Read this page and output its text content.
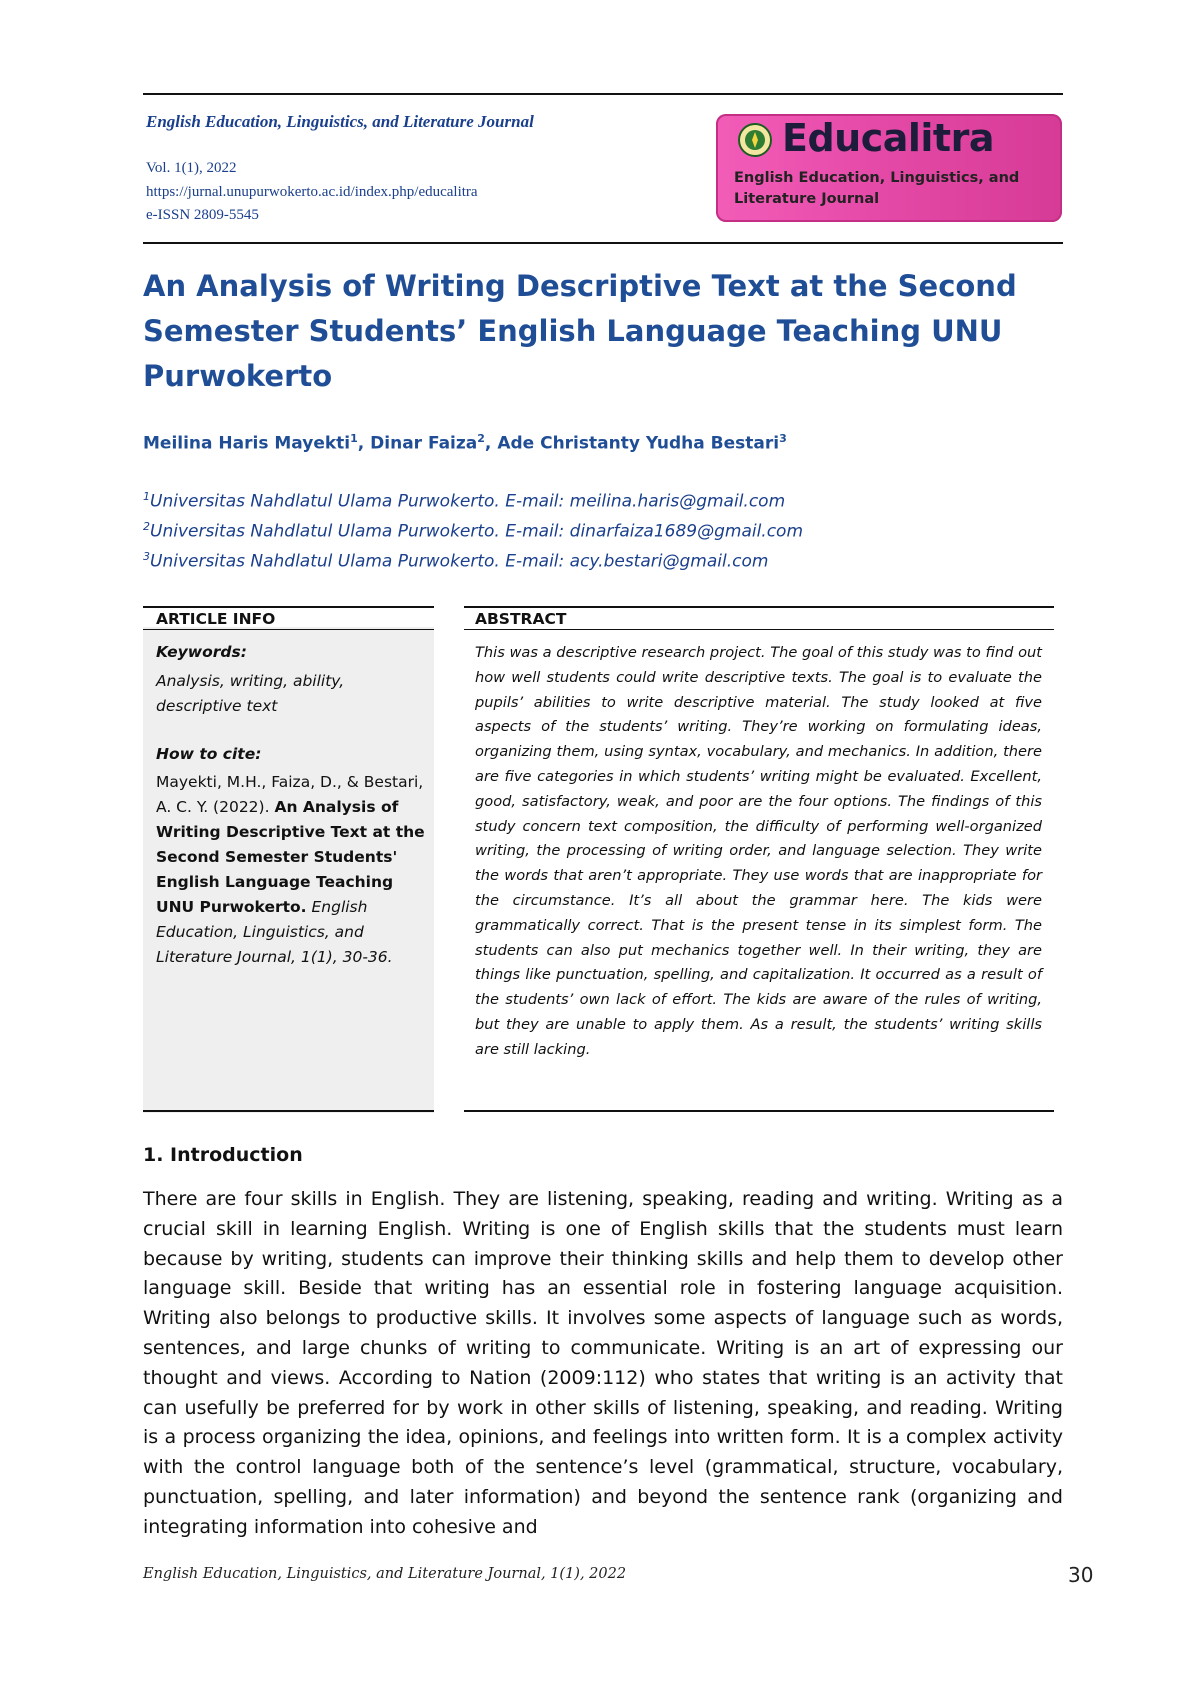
English Education, Linguistics, and Literature Journal
Vol. 1(1), 2022
https://jurnal.unupurwokerto.ac.id/index.php/educalitra
e-ISSN 2809-5545
Educalitra
English Education, Linguistics, and Literature Journal
An Analysis of Writing Descriptive Text at the Second Semester Students’ English Language Teaching UNU Purwokerto
Meilina Haris Mayekti$^1$, Dinar Faiza$^2$, Ade Christanty Yudha Bestari$^3$
$^1$Universitas Nahdlatul Ulama Purwokerto. E-mail: meilina.haris@gmail.com
$^2$Universitas Nahdlatul Ulama Purwokerto. E-mail: dinarfaiza1689@gmail.com
$^3$Universitas Nahdlatul Ulama Purwokerto. E-mail: acy.bestari@gmail.com
ARTICLE INFO
Keywords:
Analysis, writing, ability, descriptive text
How to cite:
Mayekti, M.H., Faiza, D., & Bestari, A. C. Y. (2022). An Analysis of Writing Descriptive Text at the Second Semester Students' English Language Teaching UNU Purwokerto. English Education, Linguistics, and Literature Journal, 1(1), 30-36.
ABSTRACT

This was a descriptive research project. The goal of this study was to find out how well students could write descriptive texts. The goal is to evaluate the pupils’ abilities to write descriptive material. The study looked at five aspects of the students’ writing. They’re working on formulating ideas, organizing them, using syntax, vocabulary, and mechanics. In addition, there are five categories in which students’ writing might be evaluated. Excellent, good, satisfactory, weak, and poor are the four options. The findings of this study concern text composition, the difficulty of performing well-organized writing, the processing of writing order, and language selection. They write the words that aren’t appropriate. They use words that are inappropriate for the circumstance. It’s all about the grammar here. The kids were grammatically correct. That is the present tense in its simplest form. The students can also put mechanics together well. In their writing, they are things like punctuation, spelling, and capitalization. It occurred as a result of the students’ own lack of effort. The kids are aware of the rules of writing, but they are unable to apply them. As a result, the students’ writing skills are still lacking.

1. Introduction

There are four skills in English. They are listening, speaking, reading and writing. Writing as a crucial skill in learning English. Writing is one of English skills that the students must learn because by writing, students can improve their thinking skills and help them to develop other language skill. Beside that writing has an essential role in fostering language acquisition. Writing also belongs to productive skills. It involves some aspects of language such as words, sentences, and large chunks of writing to communicate. Writing is an art of expressing our thought and views. According to Nation (2009:112) who states that writing is an activity that can usefully be preferred for by work in other skills of listening, speaking, and reading. Writing is a process organizing the idea, opinions, and feelings into written form. It is a complex activity with the control language both of the sentence’s level (grammatical, structure, vocabulary, punctuation, spelling, and later information) and beyond the sentence rank (organizing and integrating information into cohesive and

English Education, Linguistics, and Literature Journal, 1(1), 2022	30
